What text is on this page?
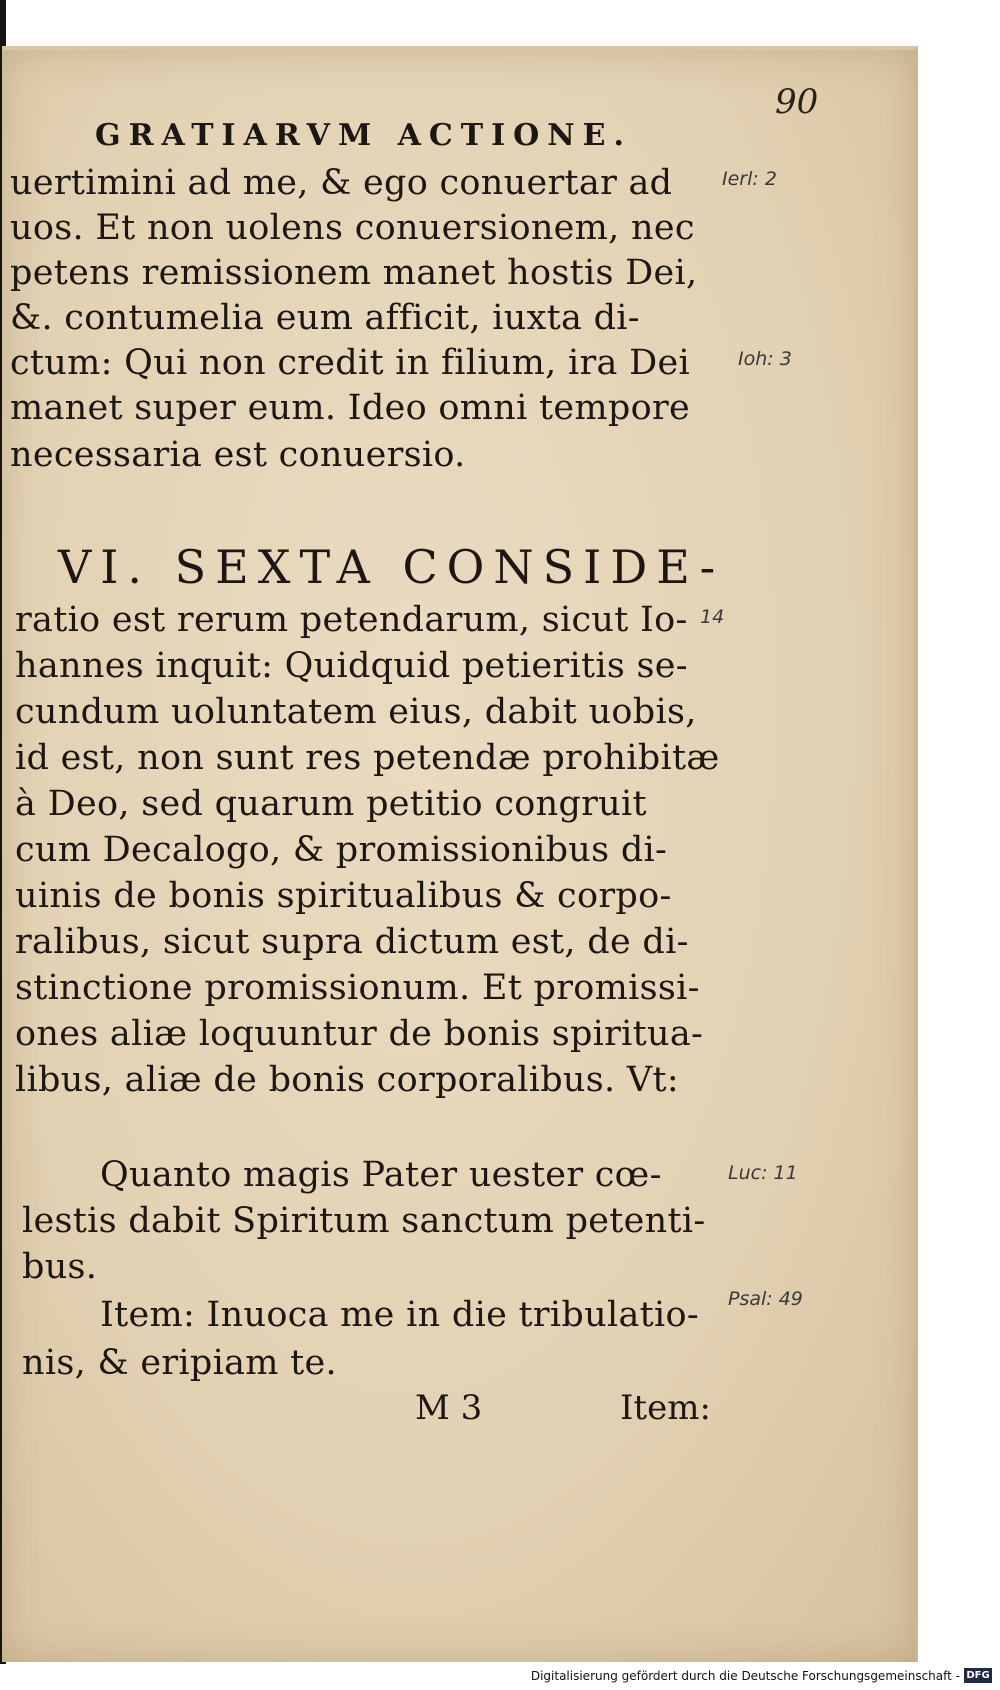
90
GRATIARVM ACTIONE.
uertimini ad me, & ego conuertar ad
uos. Et non uolens conuersionem, nec
petens remissionem manet hostis Dei,
&. contumelia eum afficit, iuxta di-
ctum: Qui non credit in filium, ira Dei
manet super eum. Ideo omni tempore
necessaria est conuersio.
VI. SEXTA CONSIDE-
ratio est rerum petendarum, sicut Io-
hannes inquit: Quidquid petieritis se-
cundum uoluntatem eius, dabit uobis,
id est, non sunt res petendæ prohibitæ
à Deo, sed quarum petitio congruit
cum Decalogo, & promissionibus di-
uinis de bonis spiritualibus & corpo-
ralibus, sicut supra dictum est, de di-
stinctione promissionum. Et promissi-
ones aliæ loquuntur de bonis spiritua-
libus, aliæ de bonis corporalibus. Vt:
Quanto magis Pater uester cœ-
lestis dabit Spiritum sanctum petenti-
bus.
Item: Inuoca me in die tribulatio-
nis, & eripiam te.
M 3	Item:
Ierl: 2
Ioh: 3
14
Luc: 11
Psal: 49
Digitalisierung gefördert durch die Deutsche Forschungsgemeinschaft - DFG
